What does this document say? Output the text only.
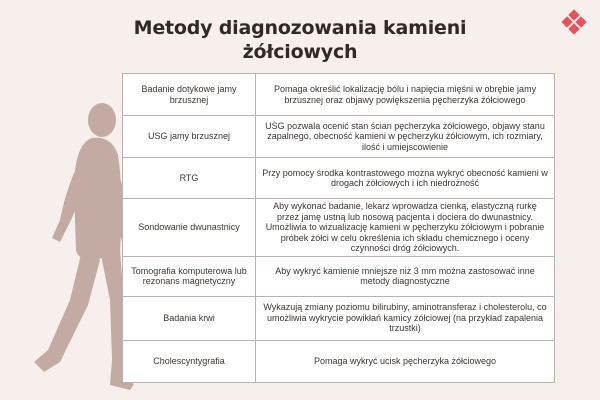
Metody diagnozowania kamieni żółciowych
Badanie dotykowe jamy brzusznej	Pomaga określić lokalizację bólu i napięcia mięśni w obrębie jamy brzusznej oraz objawy powiększenia pęcherzyka żółciowego
USG jamy brzusznej	USG pozwala ocenić stan ścian pęcherzyka żółciowego, objawy stanu zapalnego, obecność kamieni w pęcherzyku żółciowym, ich rozmiary, ilość i umiejscowienie
RTG	Przy pomocy środka kontrastowego można wykryć obecność kamieni w drogach żółciowych i ich niedrożność
Sondowanie dwunastnicy	Aby wykonać badanie, lekarz wprowadza cienką, elastyczną rurkę przez jamę ustną lub nosową pacjenta i dociera do dwunastnicy. Umożliwia to wizualizację kamieni w pęcherzyku żółciowym i pobranie próbek żółci w celu określenia ich składu chemicznego i oceny czynności dróg żółciowych.
Tomografia komputerowa lub rezonans magnetyczny	Aby wykryć kamienie mniejsze niż 3 mm można zastosować inne metody diagnostyczne
Badania krwi	Wykazują zmiany poziomu bilirubiny, aminotransferaz i cholesterolu, co umożliwia wykrycie powikłań kamicy żółciowej (na przykład zapalenia trzustki)
Cholescyntygrafia	Pomaga wykryć ucisk pęcherzyka żółciowego
